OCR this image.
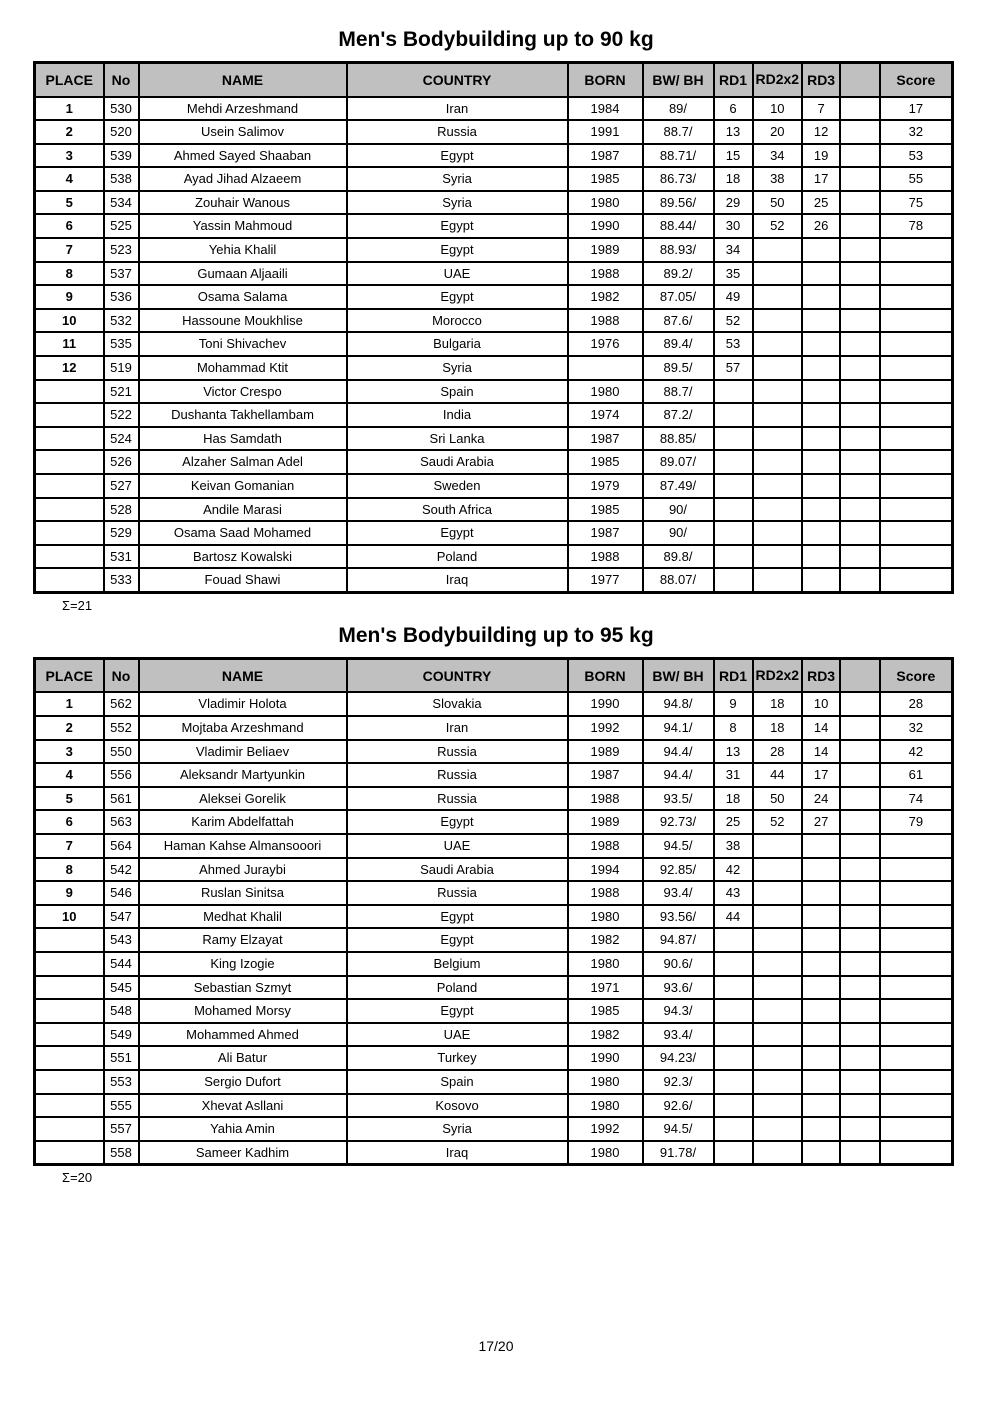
Men's Bodybuilding up to 90 kg
PLACE	No	NAME	COUNTRY	BORN	BW/ BH	RD1	RD2x2	RD3		Score
1	530	Mehdi Arzeshmand	Iran	1984	89/	6	10	7		17
2	520	Usein Salimov	Russia	1991	88.7/	13	20	12		32
3	539	Ahmed Sayed Shaaban	Egypt	1987	88.71/	15	34	19		53
4	538	Ayad Jihad Alzaeem	Syria	1985	86.73/	18	38	17		55
5	534	Zouhair Wanous	Syria	1980	89.56/	29	50	25		75
6	525	Yassin Mahmoud	Egypt	1990	88.44/	30	52	26		78
7	523	Yehia Khalil	Egypt	1989	88.93/	34				
8	537	Gumaan Aljaaili	UAE	1988	89.2/	35				
9	536	Osama Salama	Egypt	1982	87.05/	49				
10	532	Hassoune Moukhlise	Morocco	1988	87.6/	52				
11	535	Toni Shivachev	Bulgaria	1976	89.4/	53				
12	519	Mohammad Ktit	Syria		89.5/	57				
	521	Victor Crespo	Spain	1980	88.7/					
	522	Dushanta Takhellambam	India	1974	87.2/					
	524	Has Samdath	Sri Lanka	1987	88.85/					
	526	Alzaher Salman Adel	Saudi Arabia	1985	89.07/					
	527	Keivan Gomanian	Sweden	1979	87.49/					
	528	Andile Marasi	South Africa	1985	90/					
	529	Osama Saad Mohamed	Egypt	1987	90/					
	531	Bartosz Kowalski	Poland	1988	89.8/					
	533	Fouad Shawi	Iraq	1977	88.07/					
Σ=21
Men's Bodybuilding up to 95 kg
PLACE	No	NAME	COUNTRY	BORN	BW/ BH	RD1	RD2x2	RD3		Score
1	562	Vladimir Holota	Slovakia	1990	94.8/	9	18	10		28
2	552	Mojtaba Arzeshmand	Iran	1992	94.1/	8	18	14		32
3	550	Vladimir Beliaev	Russia	1989	94.4/	13	28	14		42
4	556	Aleksandr Martyunkin	Russia	1987	94.4/	31	44	17		61
5	561	Aleksei Gorelik	Russia	1988	93.5/	18	50	24		74
6	563	Karim Abdelfattah	Egypt	1989	92.73/	25	52	27		79
7	564	Haman Kahse Almansooori	UAE	1988	94.5/	38				
8	542	Ahmed Juraybi	Saudi Arabia	1994	92.85/	42				
9	546	Ruslan Sinitsa	Russia	1988	93.4/	43				
10	547	Medhat Khalil	Egypt	1980	93.56/	44				
	543	Ramy Elzayat	Egypt	1982	94.87/					
	544	King Izogie	Belgium	1980	90.6/					
	545	Sebastian Szmyt	Poland	1971	93.6/					
	548	Mohamed Morsy	Egypt	1985	94.3/					
	549	Mohammed Ahmed	UAE	1982	93.4/					
	551	Ali Batur	Turkey	1990	94.23/					
	553	Sergio Dufort	Spain	1980	92.3/					
	555	Xhevat Asllani	Kosovo	1980	92.6/					
	557	Yahia Amin	Syria	1992	94.5/					
	558	Sameer Kadhim	Iraq	1980	91.78/					
Σ=20
17/20
